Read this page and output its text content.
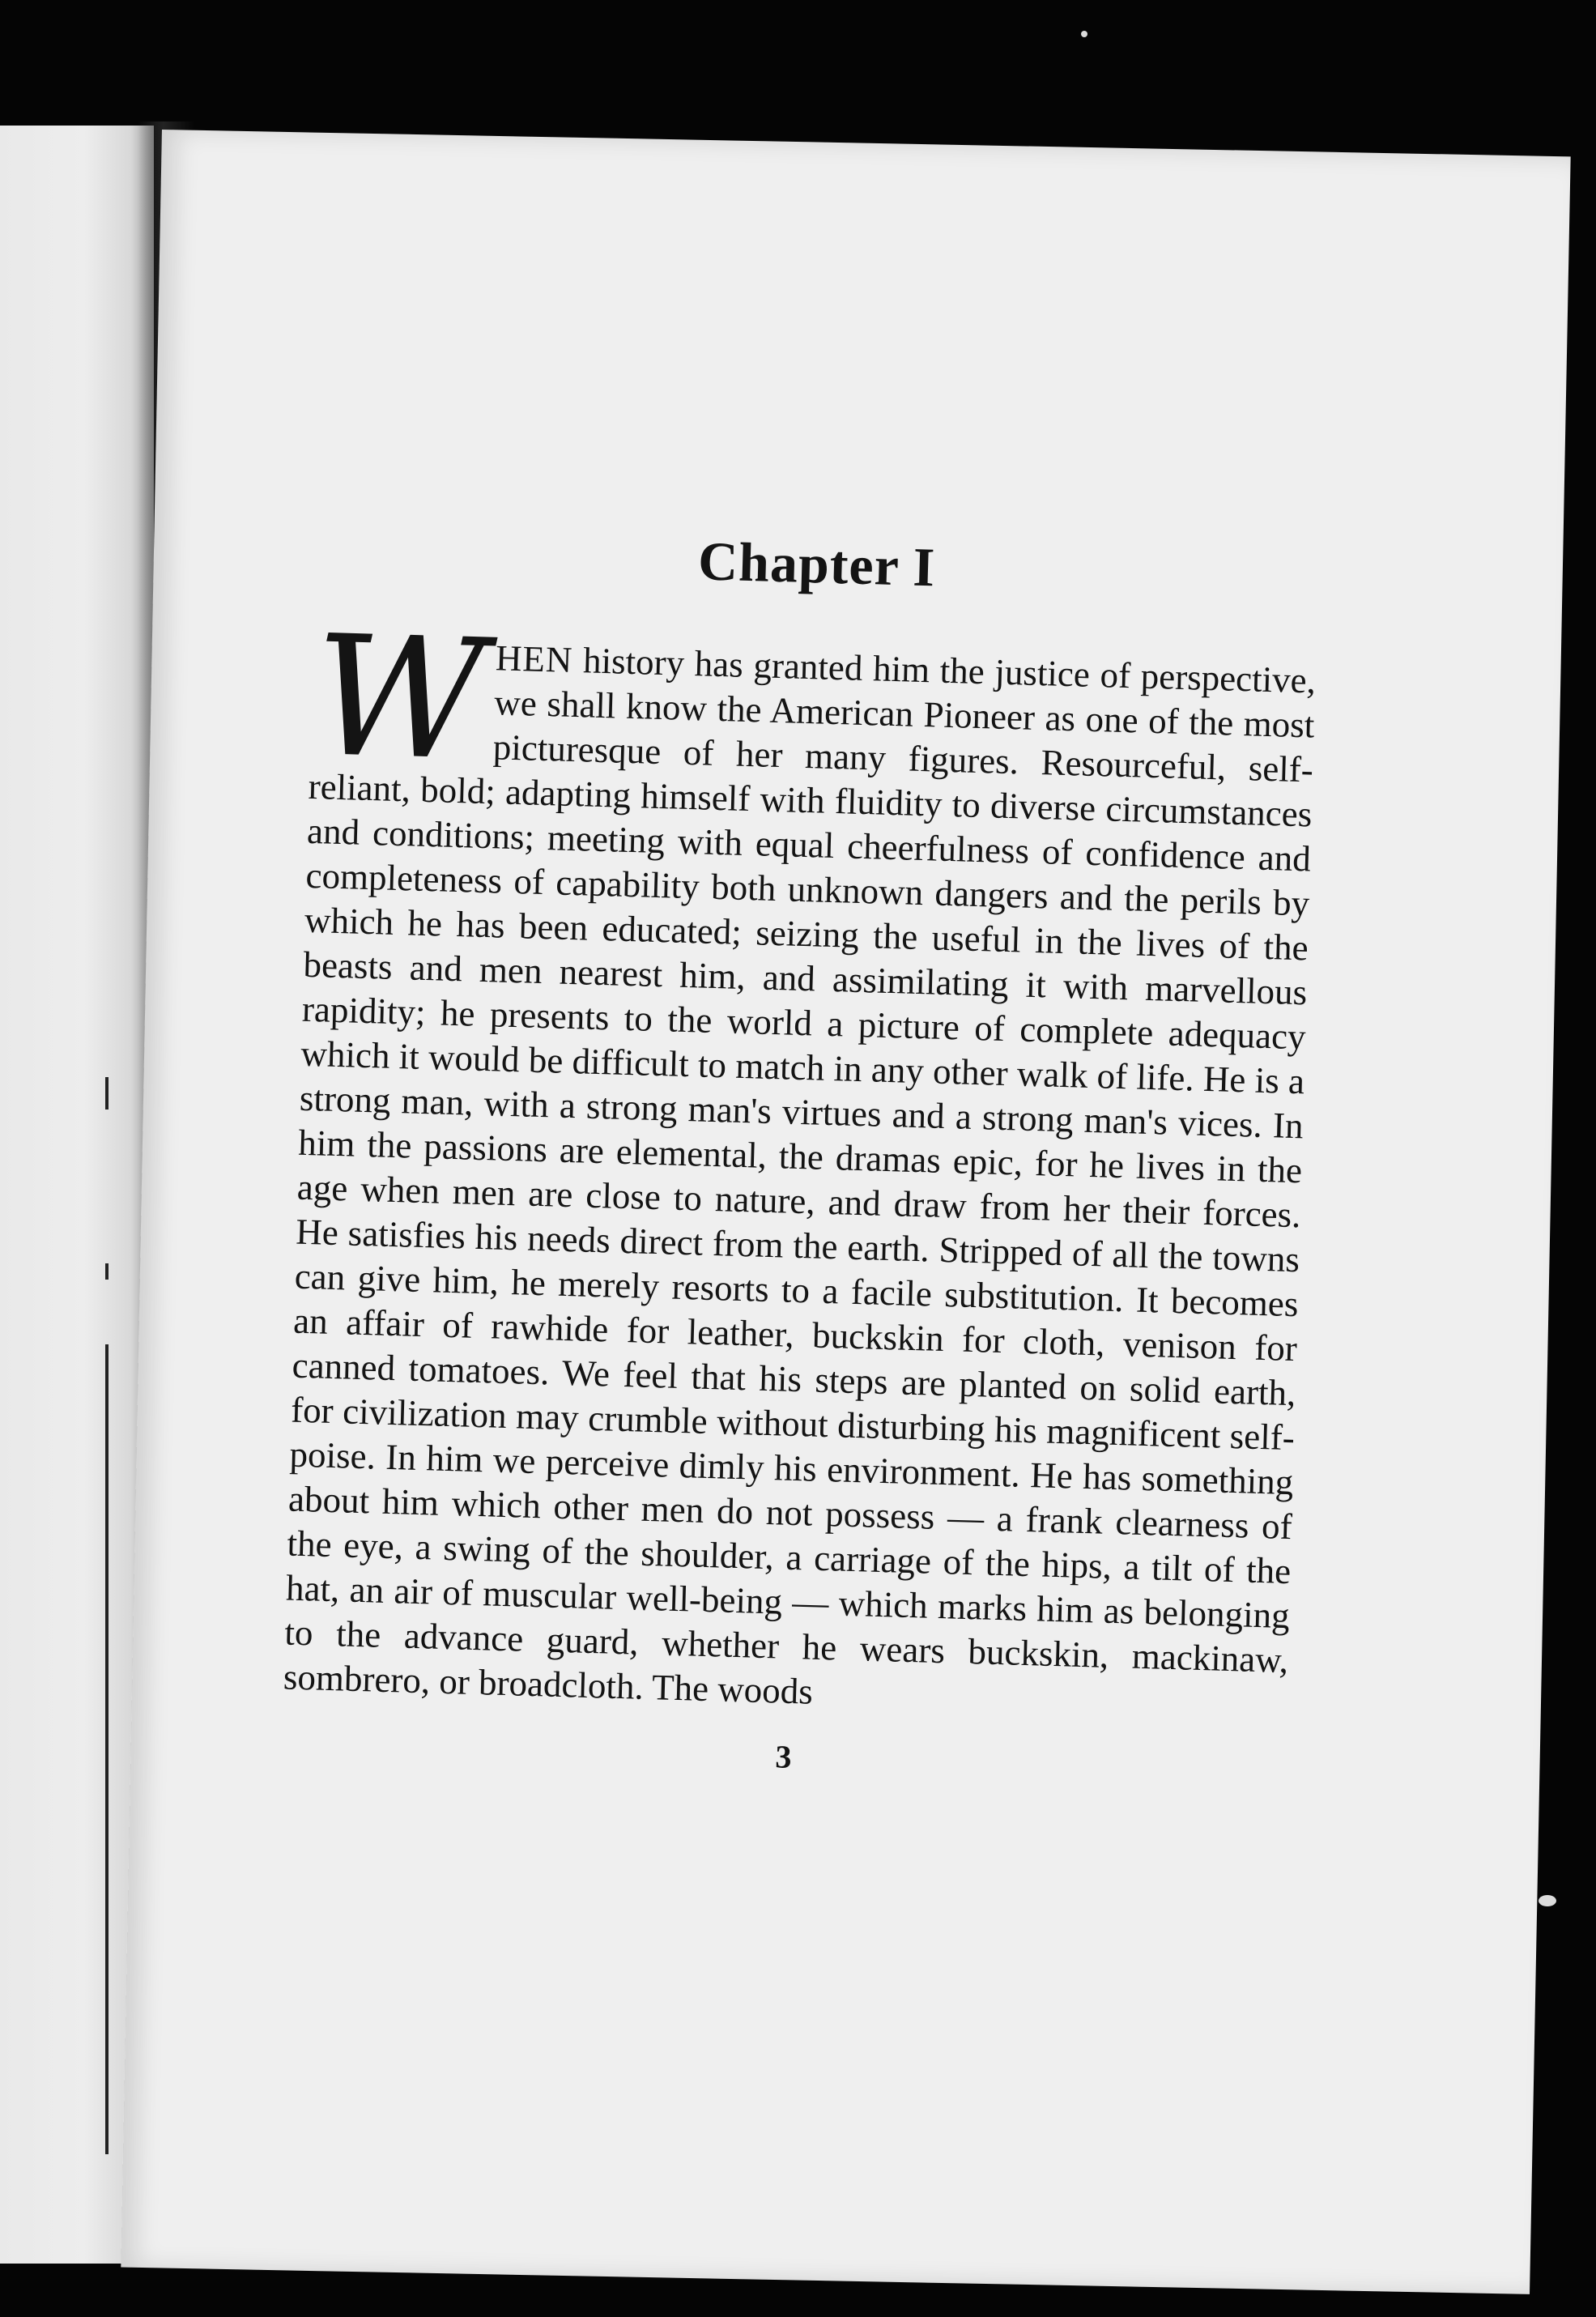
Chapter I

WHEN history has granted him the justice of perspective, we shall know the American Pioneer as one of the most picturesque of her many figures. Resourceful, self-reliant, bold; adapting himself with fluidity to diverse circumstances and conditions; meeting with equal cheerfulness of confidence and completeness of capability both unknown dangers and the perils by which he has been educated; seizing the useful in the lives of the beasts and men nearest him, and assimilating it with marvellous rapidity; he presents to the world a picture of complete adequacy which it would be difficult to match in any other walk of life. He is a strong man, with a strong man's virtues and a strong man's vices. In him the passions are elemental, the dramas epic, for he lives in the age when men are close to nature, and draw from her their forces. He satisfies his needs direct from the earth. Stripped of all the towns can give him, he merely resorts to a facile substitution. It becomes an affair of rawhide for leather, buckskin for cloth, venison for canned tomatoes. We feel that his steps are planted on solid earth, for civilization may crumble without disturbing his magnificent self-poise. In him we perceive dimly his environment. He has something about him which other men do not possess — a frank clearness of the eye, a swing of the shoulder, a carriage of the hips, a tilt of the hat, an air of muscular well-being — which marks him as belonging to the advance guard, whether he wears buckskin, mackinaw, sombrero, or broadcloth. The woods

3
